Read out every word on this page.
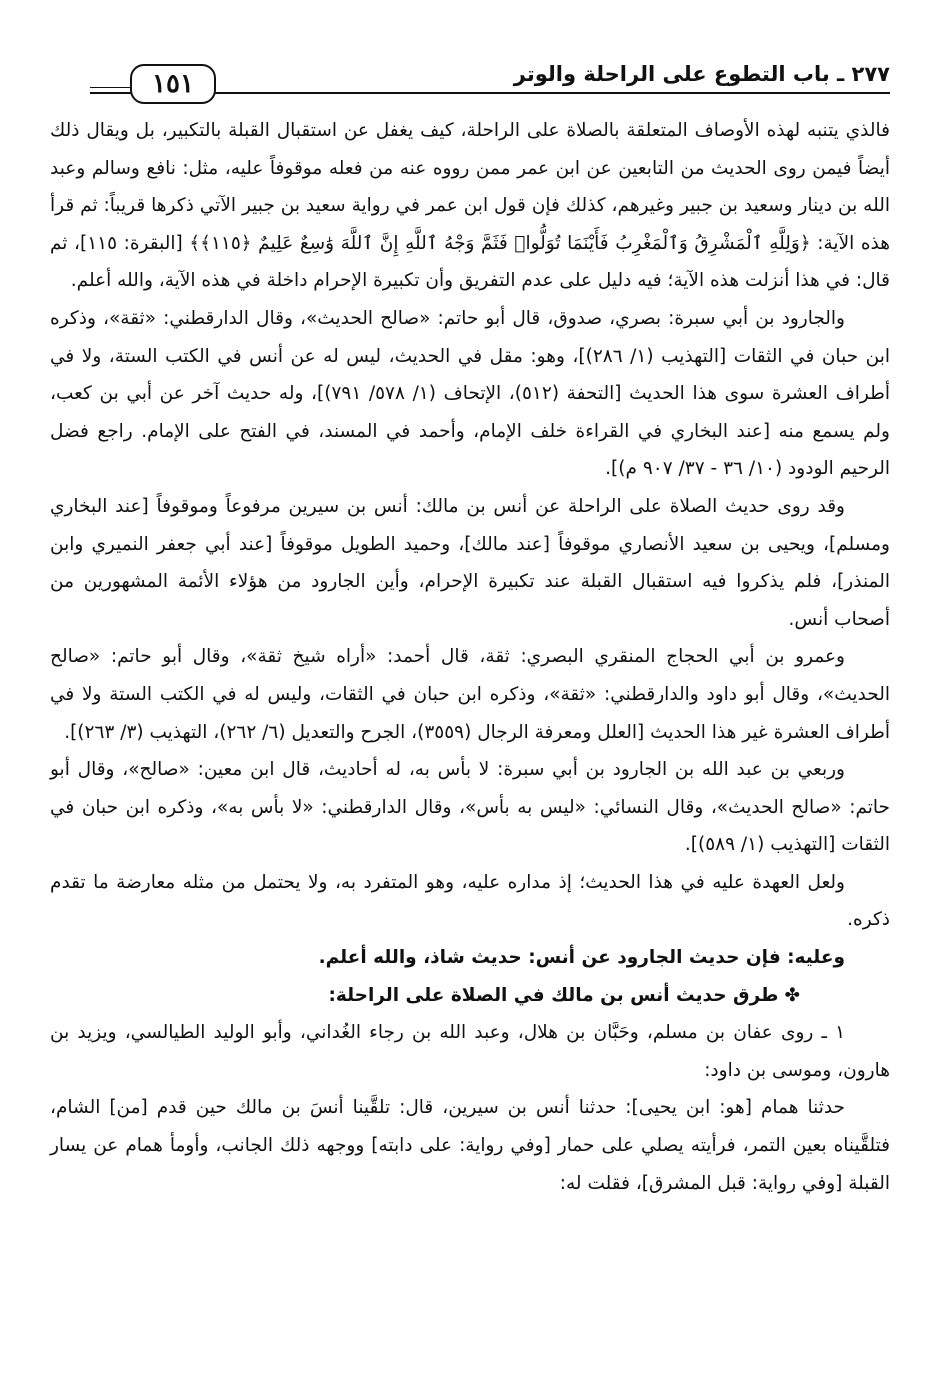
١٥١	٢٧٧ ـ باب التطوع على الراحلة والوتر

فالذي يتنبه لهذه الأوصاف المتعلقة بالصلاة على الراحلة، كيف يغفل عن استقبال القبلة بالتكبير، بل ويقال ذلك أيضاً فيمن روى الحديث من التابعين عن ابن عمر ممن رووه عنه من فعله موقوفاً عليه، مثل: نافع وسالم وعبد الله بن دينار وسعيد بن جبير وغيرهم، كذلك فإن قول ابن عمر في رواية سعيد بن جبير الآتي ذكرها قريباً: ثم قرأ هذه الآية: ﴿وَلِلَّهِ ٱلْمَشْرِقُ وَٱلْمَغْرِبُ فَأَيْنَمَا تُوَلُّوا۟ فَثَمَّ وَجْهُ ٱللَّهِ إِنَّ ٱللَّهَ وَٰسِعٌ عَلِيمٌ ﴿١١٥﴾﴾ [البقرة: ١١٥]، ثم قال: في هذا أنزلت هذه الآية؛ فيه دليل على عدم التفريق وأن تكبيرة الإحرام داخلة في هذه الآية، والله أعلم.

والجارود بن أبي سبرة: بصري، صدوق، قال أبو حاتم: «صالح الحديث»، وقال الدارقطني: «ثقة»، وذكره ابن حبان في الثقات [التهذيب (١/ ٢٨٦)]، وهو: مقل في الحديث، ليس له عن أنس في الكتب الستة، ولا في أطراف العشرة سوى هذا الحديث [التحفة (٥١٢)، الإتحاف (١/ ٥٧٨/ ٧٩١)]، وله حديث آخر عن أبي بن كعب، ولم يسمع منه [عند البخاري في القراءة خلف الإمام، وأحمد في المسند، في الفتح على الإمام. راجع فضل الرحيم الودود (١٠/ ٣٦ - ٣٧/ ٩٠٧ م)].

وقد روى حديث الصلاة على الراحلة عن أنس بن مالك: أنس بن سيرين مرفوعاً وموقوفاً [عند البخاري ومسلم]، ويحيى بن سعيد الأنصاري موقوفاً [عند مالك]، وحميد الطويل موقوفاً [عند أبي جعفر النميري وابن المنذر]، فلم يذكروا فيه استقبال القبلة عند تكبيرة الإحرام، وأين الجارود من هؤلاء الأئمة المشهورين من أصحاب أنس.

وعمرو بن أبي الحجاج المنقري البصري: ثقة، قال أحمد: «أراه شيخ ثقة»، وقال أبو حاتم: «صالح الحديث»، وقال أبو داود والدارقطني: «ثقة»، وذكره ابن حبان في الثقات، وليس له في الكتب الستة ولا في أطراف العشرة غير هذا الحديث [العلل ومعرفة الرجال (٣٥٥٩)، الجرح والتعديل (٦/ ٢٦٢)، التهذيب (٣/ ٢٦٣)].

وربعي بن عبد الله بن الجارود بن أبي سبرة: لا بأس به، له أحاديث، قال ابن معين: «صالح»، وقال أبو حاتم: «صالح الحديث»، وقال النسائي: «ليس به بأس»، وقال الدارقطني: «لا بأس به»، وذكره ابن حبان في الثقات [التهذيب (١/ ٥٨٩)].

ولعل العهدة عليه في هذا الحديث؛ إذ مداره عليه، وهو المتفرد به، ولا يحتمل من مثله معارضة ما تقدم ذكره.

وعليه: فإن حديث الجارود عن أنس: حديث شاذ، والله أعلم.

✤طرق حديث أنس بن مالك في الصلاة على الراحلة:

١ ـ روى عفان بن مسلم، وحَبَّان بن هلال، وعبد الله بن رجاء الغُداني، وأبو الوليد الطيالسي، ويزيد بن هارون، وموسى بن داود:

حدثنا همام [هو: ابن يحيى]: حدثنا أنس بن سيرين، قال: تلقَّينا أنسَ بن مالك حين قدم [من] الشام، فتلقَّيناه بعين التمر، فرأيته يصلي على حمار [وفي رواية: على دابته] ووجهه ذلك الجانب، وأومأ همام عن يسار القبلة [وفي رواية: قبل المشرق]، فقلت له:
